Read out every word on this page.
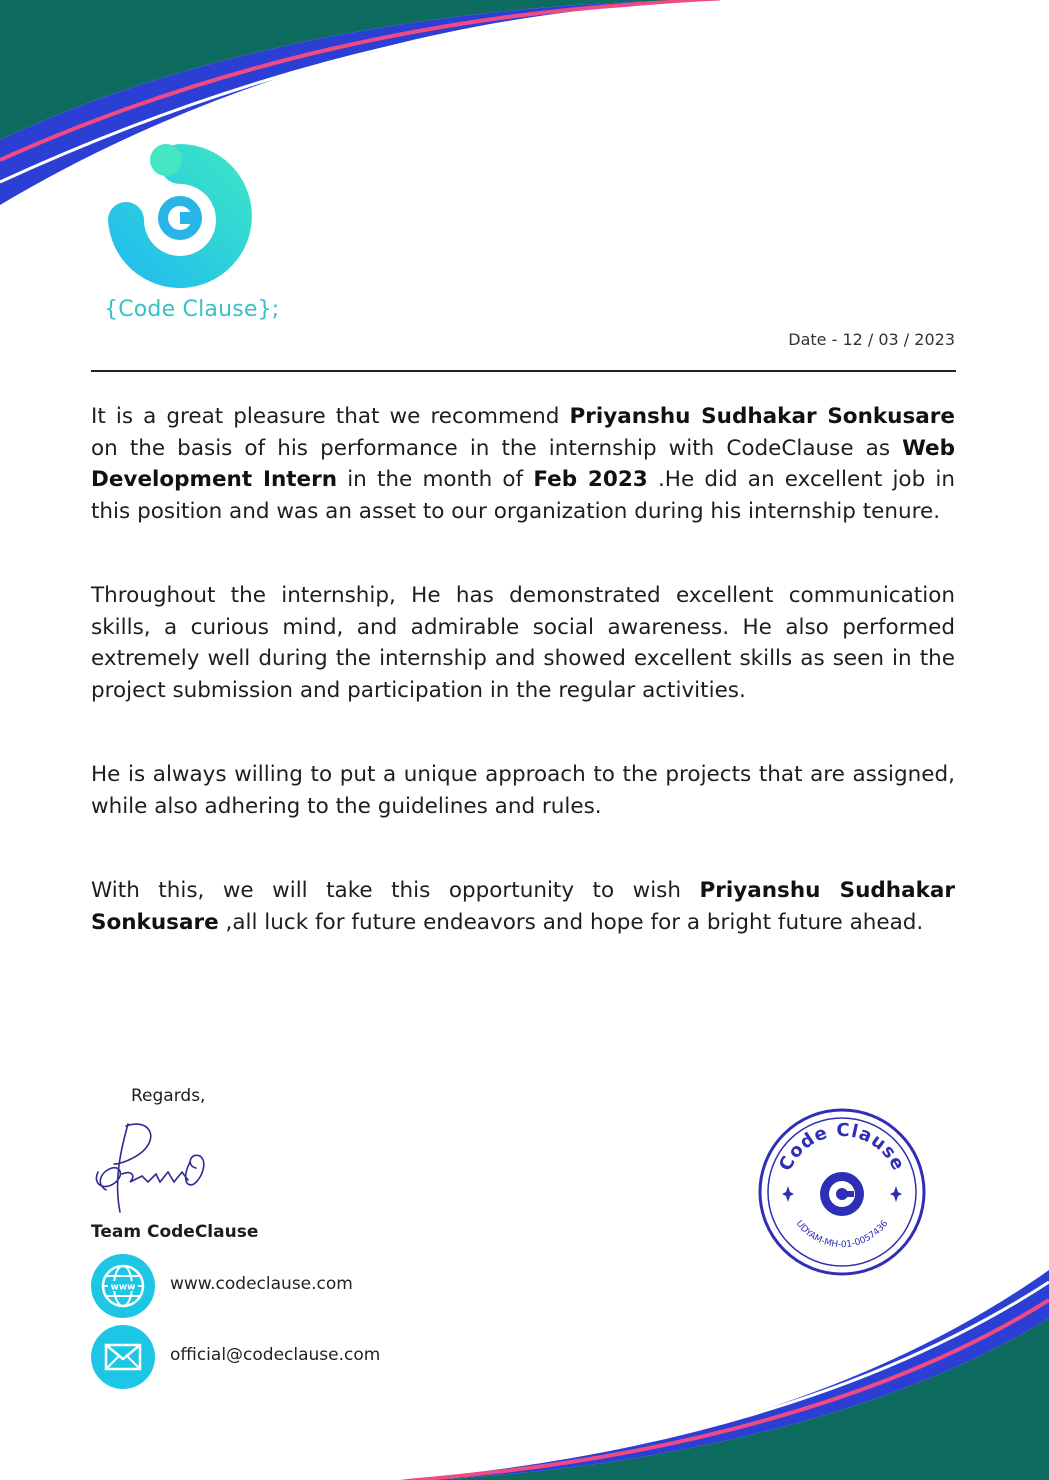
{Code Clause};
Date - 12 / 03 / 2023

It is a great pleasure that we recommend Priyanshu Sudhakar Sonkusare on the basis of his performance in the internship with CodeClause as Web Development Intern in the month of Feb 2023 .He did an excellent job in this position and was an asset to our organization during his internship tenure.

Throughout the internship, He has demonstrated excellent communication skills, a curious mind, and admirable social awareness. He also performed extremely well during the internship and showed excellent skills as seen in the project submission and participation in the regular activities.

He is always willing to put a unique approach to the projects that are assigned, while also adhering to the guidelines and rules.

With this, we will take this opportunity to wish Priyanshu Sudhakar Sonkusare ,all luck for future endeavors and hope for a bright future ahead.

Regards,
Team CodeClause
www www.codeclause.com
official@codeclause.com
Code Clause
UDYAM-MH-01-0057436
